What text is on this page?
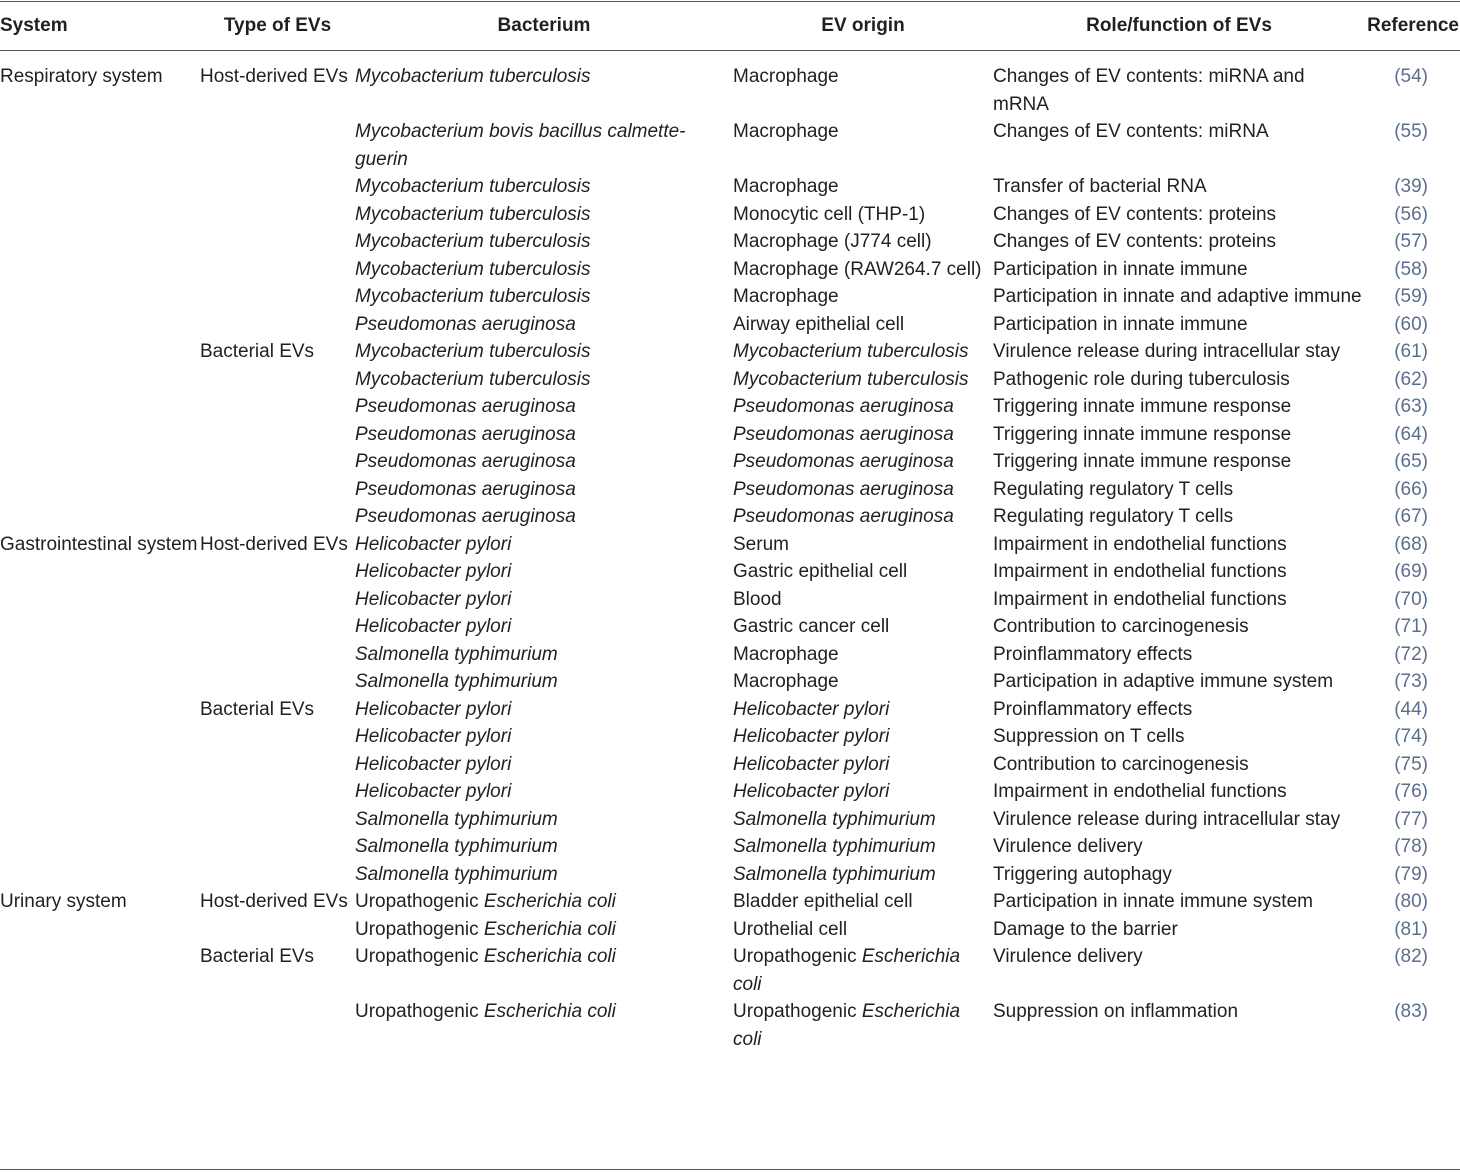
System	Type of EVs	Bacterium	EV origin	Role/function of EVs	Reference
Respiratory system	Host-derived EVs	Mycobacterium tuberculosis	Macrophage	Changes of EV contents: miRNA and mRNA	(54)
		Mycobacterium bovis bacillus calmette-guerin	Macrophage	Changes of EV contents: miRNA	(55)
		Mycobacterium tuberculosis	Macrophage	Transfer of bacterial RNA	(39)
		Mycobacterium tuberculosis	Monocytic cell (THP-1)	Changes of EV contents: proteins	(56)
		Mycobacterium tuberculosis	Macrophage (J774 cell)	Changes of EV contents: proteins	(57)
		Mycobacterium tuberculosis	Macrophage (RAW264.7 cell)	Participation in innate immune	(58)
		Mycobacterium tuberculosis	Macrophage	Participation in innate and adaptive immune	(59)
		Pseudomonas aeruginosa	Airway epithelial cell	Participation in innate immune	(60)
	Bacterial EVs	Mycobacterium tuberculosis	Mycobacterium tuberculosis	Virulence release during intracellular stay	(61)
		Mycobacterium tuberculosis	Mycobacterium tuberculosis	Pathogenic role during tuberculosis	(62)
		Pseudomonas aeruginosa	Pseudomonas aeruginosa	Triggering innate immune response	(63)
		Pseudomonas aeruginosa	Pseudomonas aeruginosa	Triggering innate immune response	(64)
		Pseudomonas aeruginosa	Pseudomonas aeruginosa	Triggering innate immune response	(65)
		Pseudomonas aeruginosa	Pseudomonas aeruginosa	Regulating regulatory T cells	(66)
		Pseudomonas aeruginosa	Pseudomonas aeruginosa	Regulating regulatory T cells	(67)
Gastrointestinal system	Host-derived EVs	Helicobacter pylori	Serum	Impairment in endothelial functions	(68)
		Helicobacter pylori	Gastric epithelial cell	Impairment in endothelial functions	(69)
		Helicobacter pylori	Blood	Impairment in endothelial functions	(70)
		Helicobacter pylori	Gastric cancer cell	Contribution to carcinogenesis	(71)
		Salmonella typhimurium	Macrophage	Proinflammatory effects	(72)
		Salmonella typhimurium	Macrophage	Participation in adaptive immune system	(73)
	Bacterial EVs	Helicobacter pylori	Helicobacter pylori	Proinflammatory effects	(44)
		Helicobacter pylori	Helicobacter pylori	Suppression on T cells	(74)
		Helicobacter pylori	Helicobacter pylori	Contribution to carcinogenesis	(75)
		Helicobacter pylori	Helicobacter pylori	Impairment in endothelial functions	(76)
		Salmonella typhimurium	Salmonella typhimurium	Virulence release during intracellular stay	(77)
		Salmonella typhimurium	Salmonella typhimurium	Virulence delivery	(78)
		Salmonella typhimurium	Salmonella typhimurium	Triggering autophagy	(79)
Urinary system	Host-derived EVs	Uropathogenic Escherichia coli	Bladder epithelial cell	Participation in innate immune system	(80)
		Uropathogenic Escherichia coli	Urothelial cell	Damage to the barrier	(81)
	Bacterial EVs	Uropathogenic Escherichia coli	Uropathogenic Escherichia coli	Virulence delivery	(82)
		Uropathogenic Escherichia coli	Uropathogenic Escherichia coli	Suppression on inflammation	(83)
